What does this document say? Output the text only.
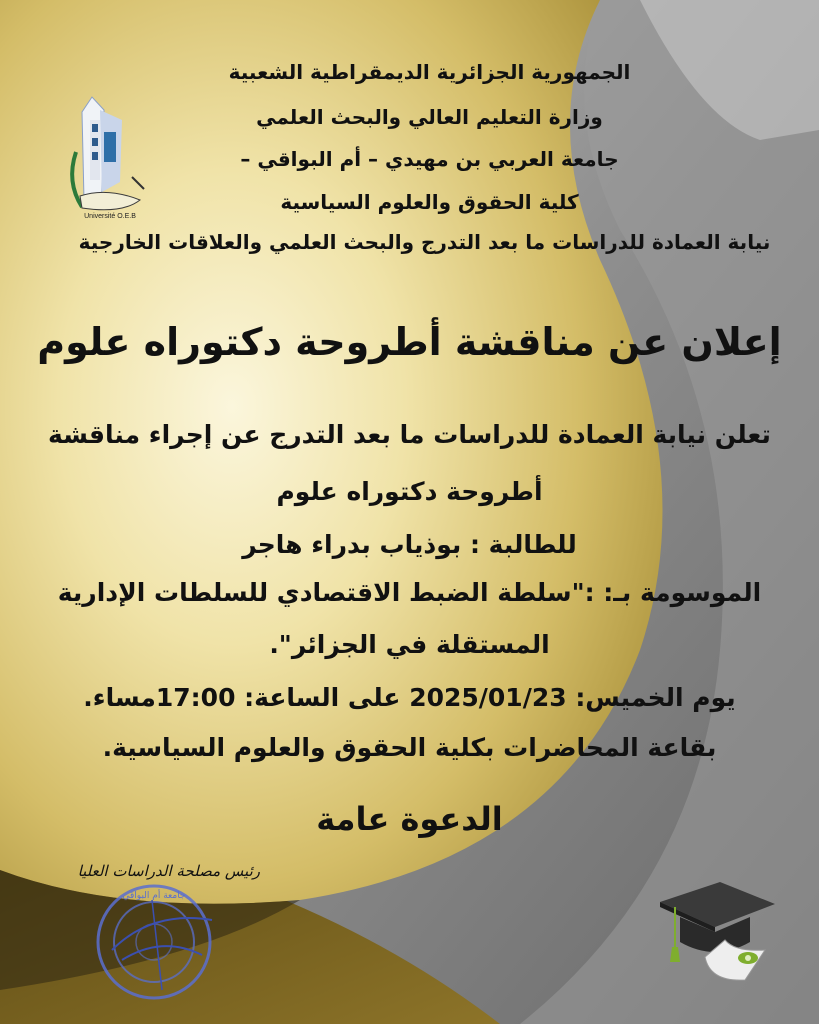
Université O.E.B
الجمهورية الجزائرية الديمقراطية الشعبية
وزارة التعليم العالي والبحث العلمي
جامعة العربي بن مهيدي – أم البواقي –
كلية الحقوق والعلوم السياسية
نيابة العمادة للدراسات ما بعد التدرج والبحث العلمي والعلاقات الخارجية
إعلان عن مناقشة أطروحة دكتوراه علوم
تعلن نيابة العمادة للدراسات ما بعد التدرج عن إجراء مناقشة
أطروحة دكتوراه علوم
للطالبة : بوذياب بدراء هاجر
الموسومة بـ: :"سلطة الضبط الاقتصادي للسلطات الإدارية
المستقلة في الجزائر".
يوم الخميس: 2025/01/23 على الساعة: 17:00مساء.
بقاعة المحاضرات بكلية الحقوق والعلوم السياسية.
الدعوة عامة
رئيس مصلحة الدراسات العليا
جامعة أم البواقي
